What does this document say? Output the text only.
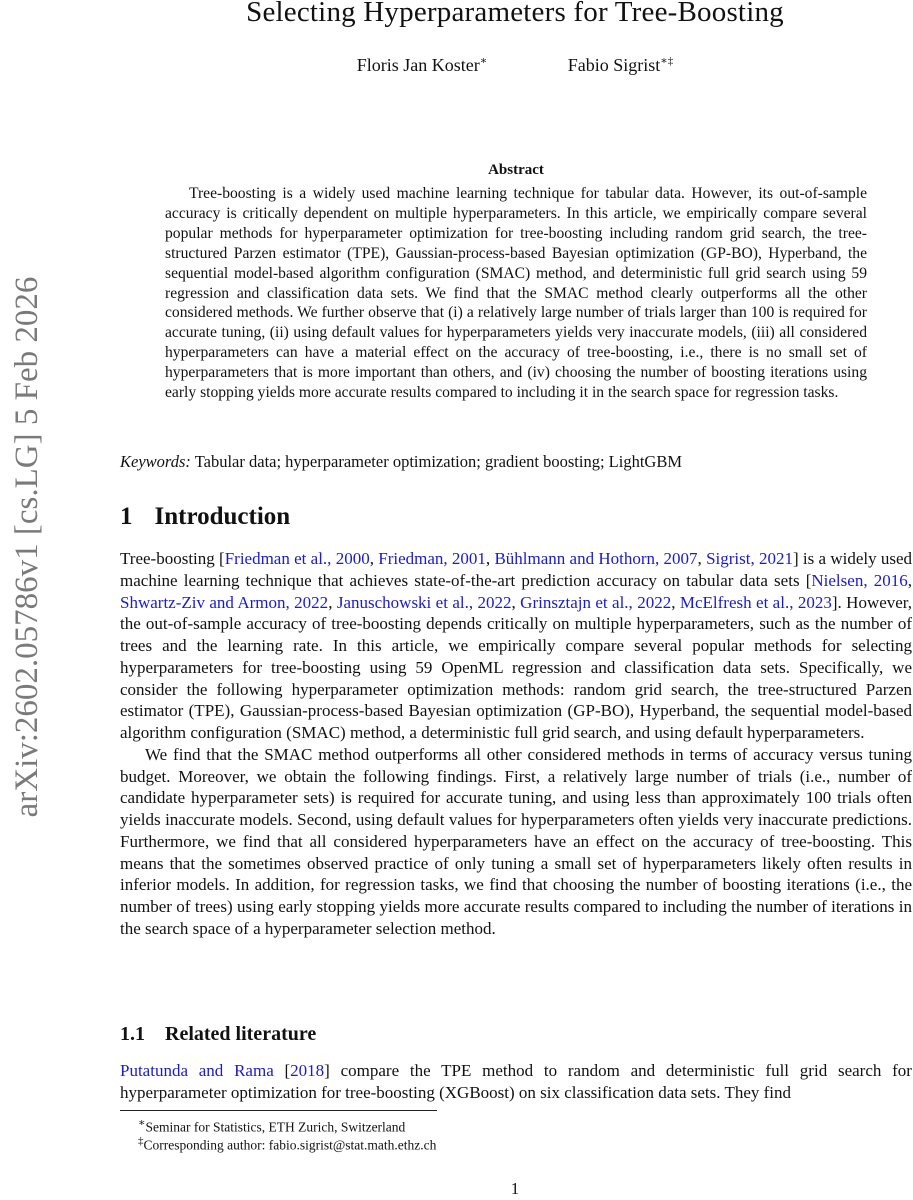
arXiv:2602.05786v1 [cs.LG] 5 Feb 2026
Selecting Hyperparameters for Tree-Boosting
Floris Jan Koster∗	Fabio Sigrist∗‡
Abstract

Tree-boosting is a widely used machine learning technique for tabular data. However, its out-of-sample accuracy is critically dependent on multiple hyperparameters. In this article, we empirically compare several popular methods for hyperparameter optimization for tree-boosting including random grid search, the tree-structured Parzen estimator (TPE), Gaussian-process-based Bayesian optimization (GP-BO), Hyperband, the sequential model-based algorithm configuration (SMAC) method, and deterministic full grid search using 59 regression and classification data sets. We find that the SMAC method clearly outperforms all the other considered methods. We further observe that (i) a relatively large number of trials larger than 100 is required for accurate tuning, (ii) using default values for hyperparameters yields very inaccurate models, (iii) all considered hyperparameters can have a material effect on the accuracy of tree-boosting, i.e., there is no small set of hyperparameters that is more important than others, and (iv) choosing the number of boosting iterations using early stopping yields more accurate results compared to including it in the search space for regression tasks.

Keywords: Tabular data; hyperparameter optimization; gradient boosting; LightGBM
1 Introduction

Tree-boosting [Friedman et al., 2000, Friedman, 2001, Bühlmann and Hothorn, 2007, Sigrist, 2021] is a widely used machine learning technique that achieves state-of-the-art prediction accuracy on tabular data sets [Nielsen, 2016, Shwartz-Ziv and Armon, 2022, Januschowski et al., 2022, Grinsztajn et al., 2022, McElfresh et al., 2023]. However, the out-of-sample accuracy of tree-boosting depends critically on multiple hyperparameters, such as the number of trees and the learning rate. In this article, we empirically compare several popular methods for selecting hyperparameters for tree-boosting using 59 OpenML regression and classification data sets. Specifically, we consider the following hyperparameter optimization methods: random grid search, the tree-structured Parzen estimator (TPE), Gaussian-process-based Bayesian optimization (GP-BO), Hyperband, the sequential model-based algorithm configuration (SMAC) method, a deterministic full grid search, and using default hyperparameters.

We find that the SMAC method outperforms all other considered methods in terms of accuracy versus tuning budget. Moreover, we obtain the following findings. First, a relatively large number of trials (i.e., number of candidate hyperparameter sets) is required for accurate tuning, and using less than approximately 100 trials often yields inaccurate models. Second, using default values for hyperparameters often yields very inaccurate predictions. Furthermore, we find that all considered hyperparameters have an effect on the accuracy of tree-boosting. This means that the sometimes observed practice of only tuning a small set of hyperparameters likely often results in inferior models. In addition, for regression tasks, we find that choosing the number of boosting iterations (i.e., the number of trees) using early stopping yields more accurate results compared to including the number of iterations in the search space of a hyperparameter selection method.

1.1 Related literature
Putatunda and Rama [2018] compare the TPE method to random and deterministic full grid search for hyperparameter optimization for tree-boosting (XGBoost) on six classification data sets. They find
∗Seminar for Statistics, ETH Zurich, Switzerland
‡Corresponding author: fabio.sigrist@stat.math.ethz.ch
1
